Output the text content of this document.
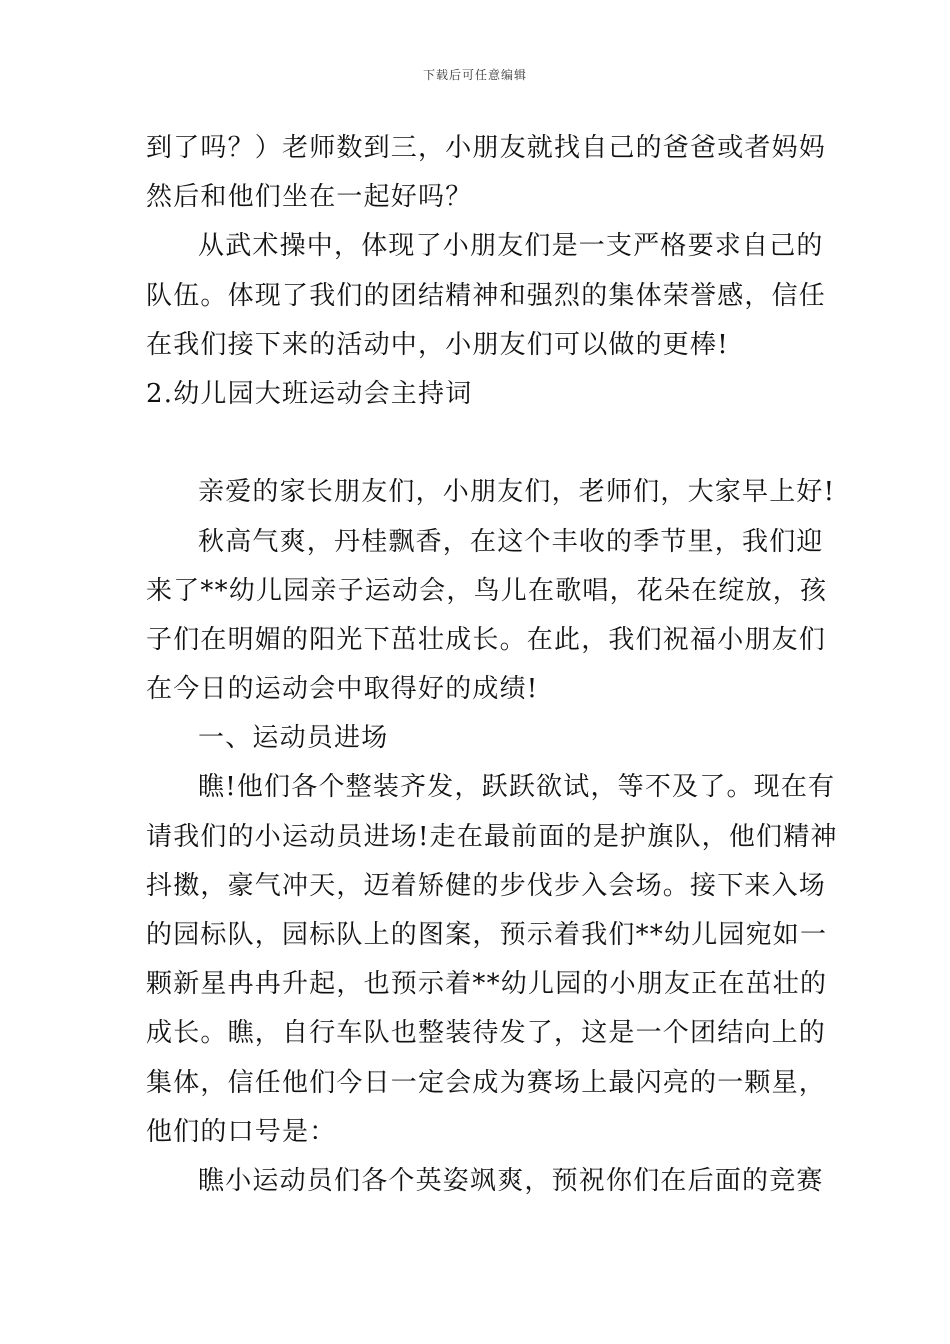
下载后可任意编辑
到了吗？）老师数到三，小朋友就找自己的爸爸或者妈妈
然后和他们坐在一起好吗？
从武术操中，体现了小朋友们是一支严格要求自己的
队伍。体现了我们的团结精神和强烈的集体荣誉感，信任
在我们接下来的活动中，小朋友们可以做的更棒!
2.幼儿园大班运动会主持词
亲爱的家长朋友们，小朋友们，老师们，大家早上好!
秋高气爽，丹桂飘香，在这个丰收的季节里，我们迎
来了**幼儿园亲子运动会，鸟儿在歌唱，花朵在绽放，孩
子们在明媚的阳光下茁壮成长。在此，我们祝福小朋友们
在今日的运动会中取得好的成绩!
一、运动员进场
瞧!他们各个整装齐发，跃跃欲试，等不及了。现在有
请我们的小运动员进场!走在最前面的是护旗队，他们精神
抖擞，豪气冲天，迈着矫健的步伐步入会场。接下来入场
的园标队，园标队上的图案，预示着我们**幼儿园宛如一
颗新星冉冉升起，也预示着**幼儿园的小朋友正在茁壮的
成长。瞧，自行车队也整装待发了，这是一个团结向上的
集体，信任他们今日一定会成为赛场上最闪亮的一颗星，
他们的口号是：
瞧小运动员们各个英姿飒爽，预祝你们在后面的竞赛
